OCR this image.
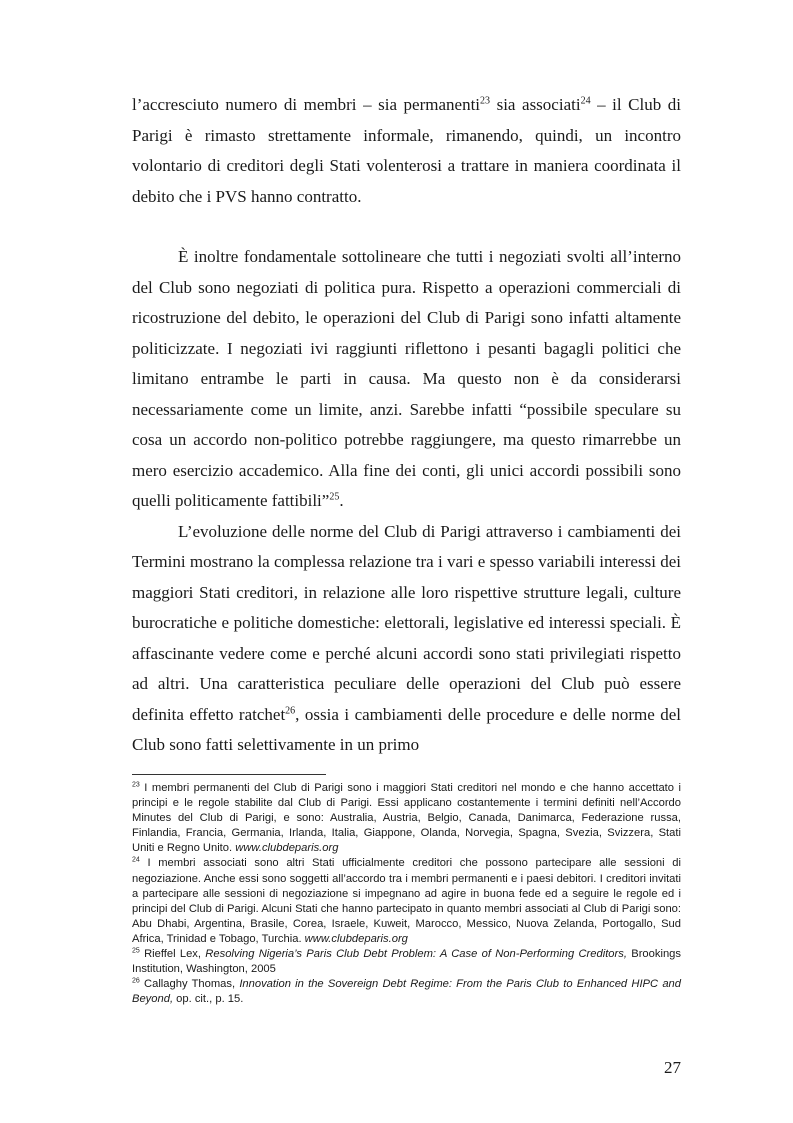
l’accresciuto numero di membri – sia permanenti$^{23}$ sia associati$^{24}$ – il Club di Parigi è rimasto strettamente informale, rimanendo, quindi, un incontro volontario di creditori degli Stati volenterosi a trattare in maniera coordinata il debito che i PVS hanno contratto.

È inoltre fondamentale sottolineare che tutti i negoziati svolti all’interno del Club sono negoziati di politica pura. Rispetto a operazioni commerciali di ricostruzione del debito, le operazioni del Club di Parigi sono infatti altamente politicizzate. I negoziati ivi raggiunti riflettono i pesanti bagagli politici che limitano entrambe le parti in causa. Ma questo non è da considerarsi necessariamente come un limite, anzi. Sarebbe infatti “possibile speculare su cosa un accordo non-politico potrebbe raggiungere, ma questo rimarrebbe un mero esercizio accademico. Alla fine dei conti, gli unici accordi possibili sono quelli politicamente fattibili”$^{25}$.

L’evoluzione delle norme del Club di Parigi attraverso i cambiamenti dei Termini mostrano la complessa relazione tra i vari e spesso variabili interessi dei maggiori Stati creditori, in relazione alle loro rispettive strutture legali, culture burocratiche e politiche domestiche: elettorali, legislative ed interessi speciali. È affascinante vedere come e perché alcuni accordi sono stati privilegiati rispetto ad altri. Una caratteristica peculiare delle operazioni del Club può essere definita effetto ratchet$^{26}$, ossia i cambiamenti delle procedure e delle norme del Club sono fatti selettivamente in un primo

$^{23}$ I membri permanenti del Club di Parigi sono i maggiori Stati creditori nel mondo e che hanno accettato i principi e le regole stabilite dal Club di Parigi. Essi applicano costantemente i termini definiti nell’Accordo Minutes del Club di Parigi, e sono: Australia, Austria, Belgio, Canada, Danimarca, Federazione russa, Finlandia, Francia, Germania, Irlanda, Italia, Giappone, Olanda, Norvegia, Spagna, Svezia, Svizzera, Stati Uniti e Regno Unito. www.clubdeparis.org

$^{24}$ I membri associati sono altri Stati ufficialmente creditori che possono partecipare alle sessioni di negoziazione. Anche essi sono soggetti all’accordo tra i membri permanenti e i paesi debitori. I creditori invitati a partecipare alle sessioni di negoziazione si impegnano ad agire in buona fede ed a seguire le regole ed i principi del Club di Parigi. Alcuni Stati che hanno partecipato in quanto membri associati al Club di Parigi sono: Abu Dhabi, Argentina, Brasile, Corea, Israele, Kuweit, Marocco, Messico, Nuova Zelanda, Portogallo, Sud Africa, Trinidad e Tobago, Turchia. www.clubdeparis.org

$^{25}$ Rieffel Lex, Resolving Nigeria’s Paris Club Debt Problem: A Case of Non-Performing Creditors, Brookings Institution, Washington, 2005

$^{26}$ Callaghy Thomas, Innovation in the Sovereign Debt Regime: From the Paris Club to Enhanced HIPC and Beyond, op. cit., p. 15.

27
